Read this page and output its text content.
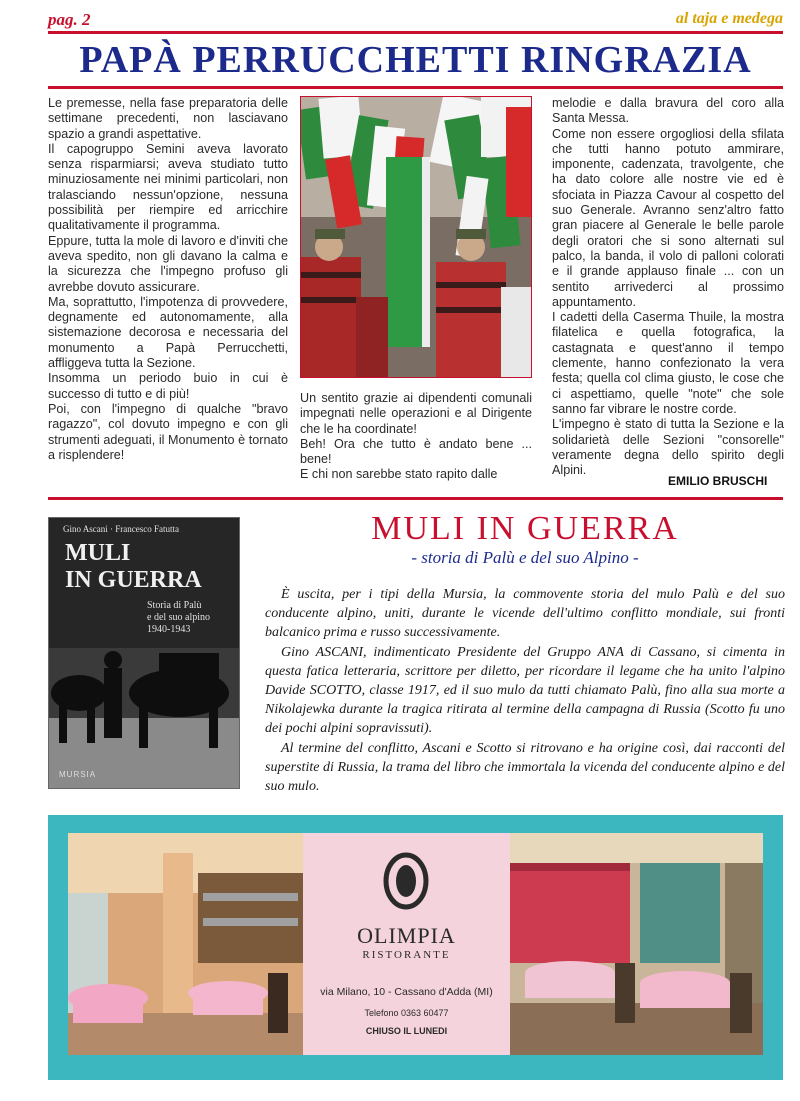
pag. 2	al taja e medega
PAPÀ PERRUCCHETTI RINGRAZIA

Le premesse, nella fase preparatoria delle settimane precedenti, non lasciavano spazio a grandi aspettative.

Il capogruppo Semini aveva lavorato senza risparmiarsi; aveva studiato tutto minuziosamente nei minimi particolari, non tralasciando nessun'opzione, nessuna possibilità per riempire ed arricchire qualitativamente il programma.

Eppure, tutta la mole di lavoro e d'inviti che aveva spedito, non gli davano la calma e la sicurezza che l'impegno profuso gli avrebbe dovuto assicurare.

Ma, soprattutto, l'impotenza di provvedere, degnamente ed autonomamente, alla sistemazione decorosa e necessaria del monumento a Papà Perrucchetti, affliggeva tutta la Sezione.

Insomma un periodo buio in cui è successo di tutto e di più!

Poi, con l'impegno di qualche "bravo ragazzo", col dovuto impegno e con gli strumenti adeguati, il Monumento è tornato a risplendere!

Un sentito grazie ai dipendenti comunali impegnati nelle operazioni e al Dirigente che le ha coordinate!

Beh! Ora che tutto è andato bene ... bene!

E chi non sarebbe stato rapito dalle

melodie e dalla bravura del coro alla Santa Messa.

Come non essere orgogliosi della sfilata che tutti hanno potuto ammirare, imponente, cadenzata, travolgente, che ha dato colore alle nostre vie ed è sfociata in Piazza Cavour al cospetto del suo Generale. Avranno senz'altro fatto gran piacere al Generale le belle parole degli oratori che si sono alternati sul palco, la banda, il volo di palloni colorati e il grande applauso finale ... con un sentito arrivederci al prossimo appuntamento.

I cadetti della Caserma Thuile, la mostra filatelica e quella fotografica, la castagnata e quest'anno il tempo clemente, hanno confezionato la vera festa; quella col clima giusto, le cose che ci aspettiamo, quelle "note" che sole sanno far vibrare le nostre corde.

L'impegno è stato di tutta la Sezione e la solidarietà delle Sezioni "consorelle" veramente degna dello spirito degli Alpini.

EMILIO BRUSCHI
Gino Ascani · Francesco Fatutta
MULI
IN GUERRA
Storia di Palù
e del suo alpino
1940-1943
MURSIA
MULI IN GUERRA
- storia di Palù e del suo Alpino -

È uscita, per i tipi della Mursia, la commovente storia del mulo Palù e del suo conducente alpino, uniti, durante le vicende dell'ultimo conflitto mondiale, sui fronti balcanico prima e russo successivamente.

Gino ASCANI, indimenticato Presidente del Gruppo ANA di Cassano, si cimenta in questa fatica letteraria, scrittore per diletto, per ricordare il legame che ha unito l'alpino Davide SCOTTO, classe 1917, ed il suo mulo da tutti chiamato Palù, fino alla sua morte a Nikolajewka durante la tragica ritirata al termine della campagna di Russia (Scotto fu uno dei pochi alpini sopravissuti).

Al termine del conflitto, Ascani e Scotto si ritrovano e ha origine così, dai racconti del superstite di Russia, la trama del libro che immortala la vicenda del conducente alpino e del suo mulo.

OLIMPIA
RISTORANTE
via Milano, 10 - Cassano d'Adda (MI)
Telefono 0363 60477
CHIUSO IL LUNEDI
